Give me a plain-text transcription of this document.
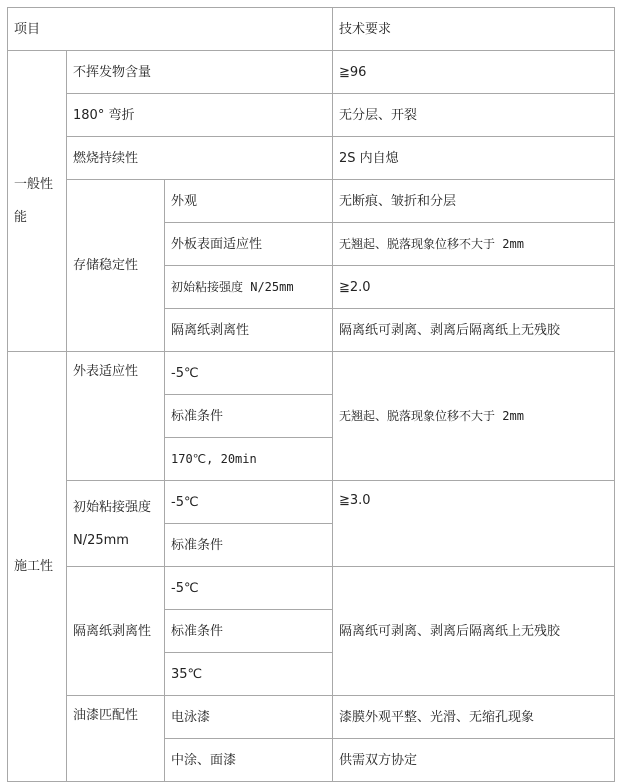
项目			技术要求
一般性能	不挥发物含量		≧96
	180° 弯折		无分层、开裂
	燃烧持续性		2S 内自熄
	存储稳定性	外观	无断痕、皱折和分层
		外板表面适应性	无翘起、脱落现象位移不大于 2mm
		初始粘接强度 N/25mm	≧2.0
		隔离纸剥离性	隔离纸可剥离、剥离后隔离纸上无残胶
施工性	外表适应性	-5℃	无翘起、脱落现象位移不大于 2mm
		标准条件	
		170℃, 20min	
	初始粘接强度 N/25mm	-5℃	≧3.0
		标准条件	
	隔离纸剥离性	-5℃	隔离纸可剥离、剥离后隔离纸上无残胶
		标准条件	
		35℃	
	油漆匹配性	电泳漆	漆膜外观平整、光滑、无缩孔现象
		中涂、面漆	供需双方协定
